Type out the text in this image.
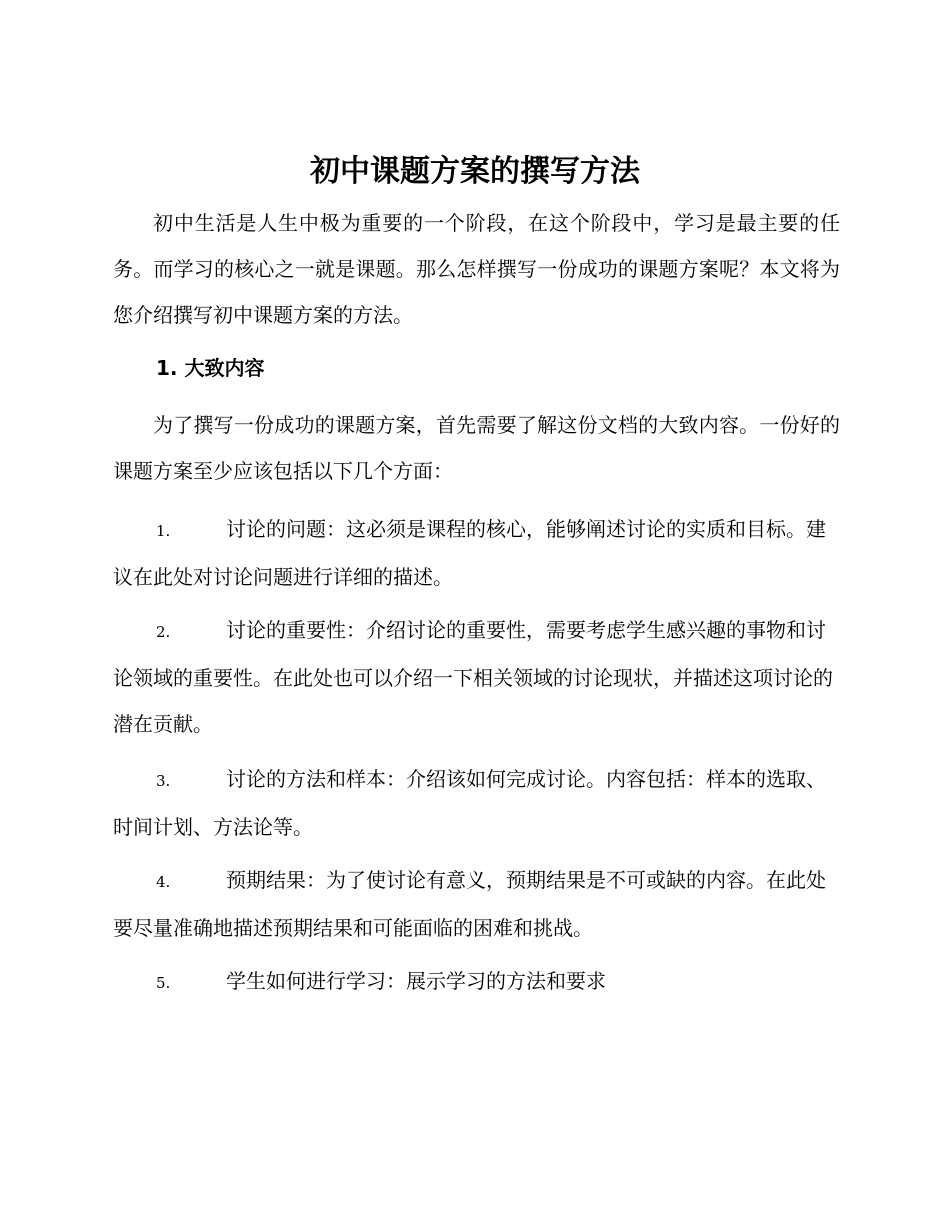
初中课题方案的撰写方法

初中生活是人生中极为重要的一个阶段，在这个阶段中，学习是最主要的任务。而学习的核心之一就是课题。那么怎样撰写一份成功的课题方案呢？本文将为您介绍撰写初中课题方案的方法。

1. 大致内容

为了撰写一份成功的课题方案，首先需要了解这份文档的大致内容。一份好的课题方案至少应该包括以下几个方面：

1.	讨论的问题：这必须是课程的核心，能够阐述讨论的实质和目标。建议在此处对讨论问题进行详细的描述。

2.	讨论的重要性：介绍讨论的重要性，需要考虑学生感兴趣的事物和讨论领域的重要性。在此处也可以介绍一下相关领域的讨论现状，并描述这项讨论的潜在贡献。

3.	讨论的方法和样本：介绍该如何完成讨论。内容包括：样本的选取、时间计划、方法论等。

4.	预期结果：为了使讨论有意义，预期结果是不可或缺的内容。在此处要尽量准确地描述预期结果和可能面临的困难和挑战。

5.	学生如何进行学习：展示学习的方法和要求
